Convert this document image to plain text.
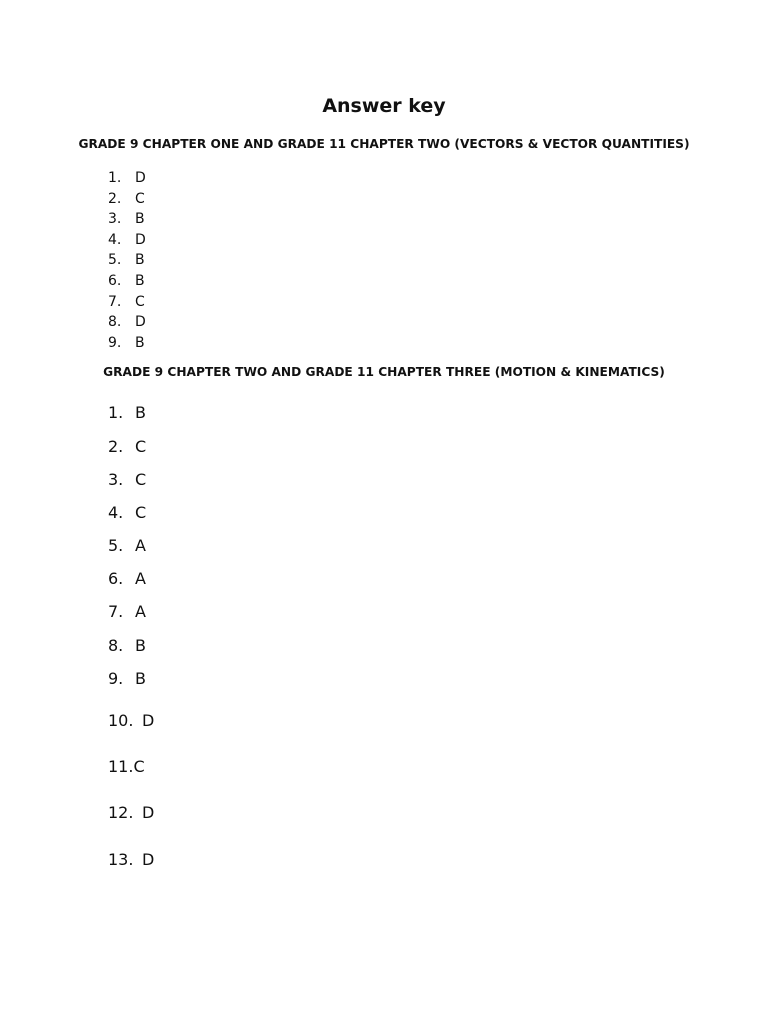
Answer key
GRADE 9 CHAPTER ONE AND GRADE 11 CHAPTER TWO (VECTORS & VECTOR QUANTITIES)
1. D
2. C
3. B
4. D
5. B
6. B
7. C
8. D
9. B
GRADE 9 CHAPTER TWO AND GRADE 11 CHAPTER THREE (MOTION & KINEMATICS)
1. B
2. C
3. C
4. C
5. A
6. A
7. A
8. B
9. B
10. D
11.C
12. D
13. D
